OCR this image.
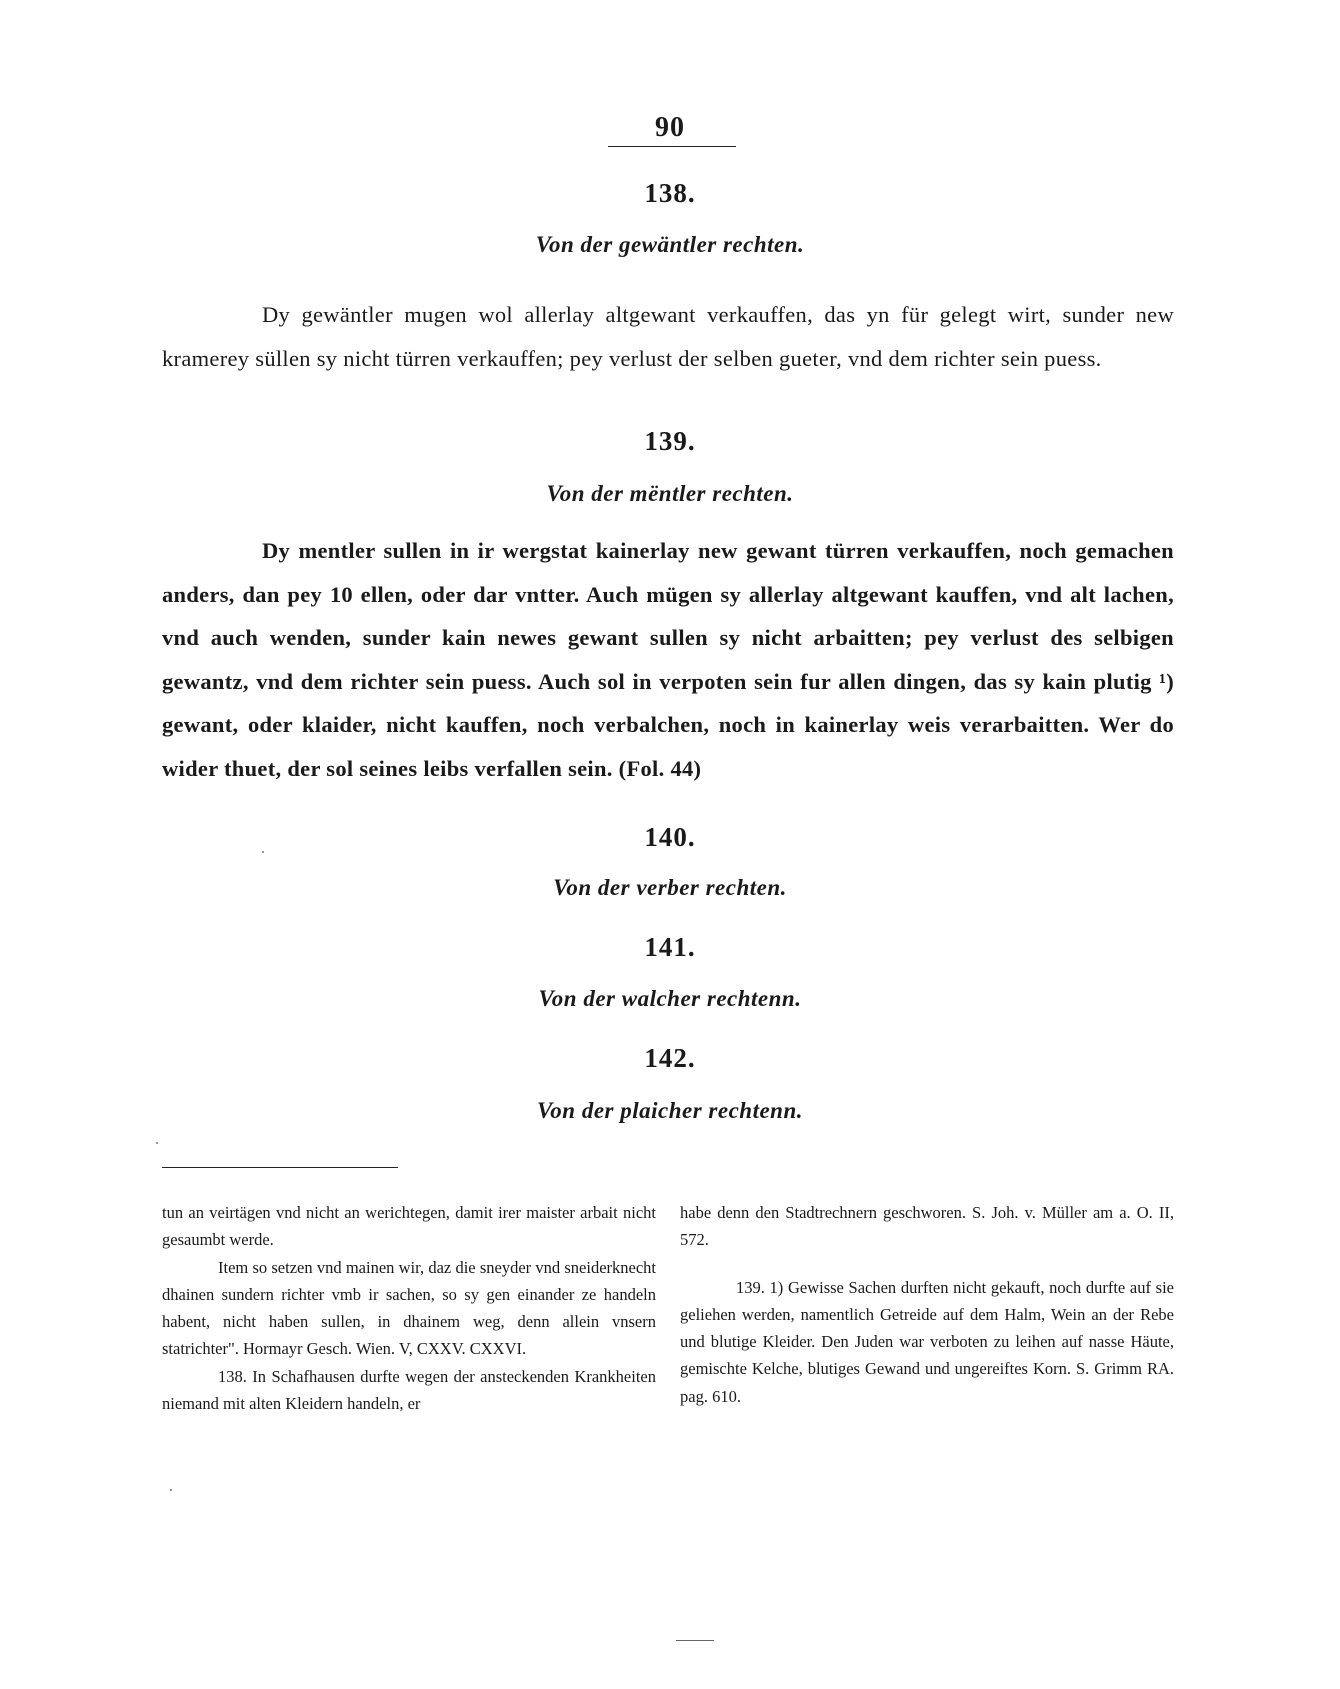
90
138.
Von der gewäntler rechten.

Dy gewäntler mugen wol allerlay altgewant verkauffen, das yn für gelegt wirt, sunder new kramerey süllen sy nicht türren verkauffen; pey verlust der selben gueter, vnd dem richter sein puess.

139.
Von der mëntler rechten.

Dy mentler sullen in ir wergstat kainerlay new gewant türren verkauffen, noch gemachen anders, dan pey 10 ellen, oder dar vntter. Auch mügen sy allerlay altgewant kauffen, vnd alt lachen, vnd auch wenden, sunder kain newes gewant sullen sy nicht arbaitten; pey verlust des selbigen gewantz, vnd dem richter sein puess. Auch sol in verpoten sein fur allen dingen, das sy kain plutig ¹) gewant, oder klaider, nicht kauffen, noch verbalchen, noch in kainerlay weis verarbaitten. Wer do wider thuet, der sol seines leibs verfallen sein. (Fol. 44)

140.
Von der verber rechten.
141.
Von der walcher rechtenn.
142.
Von der plaicher rechtenn.

tun an veirtägen vnd nicht an werichtegen, damit irer maister arbait nicht gesaumbt werde.

Item so setzen vnd mainen wir, daz die sneyder vnd sneiderknecht dhainen sundern richter vmb ir sachen, so sy gen einander ze handeln habent, nicht haben sullen, in dhainem weg, denn allein vnsern statrichter". Hormayr Gesch. Wien. V, CXXV. CXXVI.

138. In Schafhausen durfte wegen der ansteckenden Krankheiten niemand mit alten Kleidern handeln, er

habe denn den Stadtrechnern geschworen. S. Joh. v. Müller am a. O. II, 572.

139. 1) Gewisse Sachen durften nicht gekauft, noch durfte auf sie geliehen werden, namentlich Getreide auf dem Halm, Wein an der Rebe und blutige Kleider. Den Juden war verboten zu leihen auf nasse Häute, gemischte Kelche, blutiges Gewand und ungereiftes Korn. S. Grimm RA. pag. 610.
